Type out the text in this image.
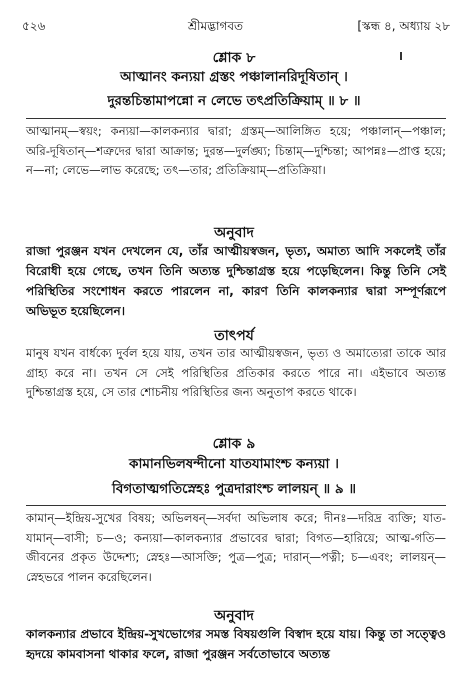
৫২৬	শ্রীমদ্ভাগবত	[স্কন্ধ ৪, অধ্যায় ২৮
শ্লোক ৮
আত্মানং কন্যয়া গ্রস্তং পঞ্চালানরিদূষিতান্ ।
দুরন্তচিন্তামাপন্নো ন লেভে তৎপ্রতিক্রিয়াম্ ॥ ৮ ॥
আত্মানম্—স্বয়ং; কন্যয়া—কালকন্যার দ্বারা; গ্রস্তম্—আলিঙ্গিত হয়ে; পঞ্চালান্—পঞ্চাল; অরি-দূষিতান্—শত্রুদের দ্বারা আক্রান্ত; দুরন্ত—দুর্লঙ্ঘ্য; চিন্তাম্—দুশ্চিন্তা; আপন্নঃ—প্রাপ্ত হয়ে; ন—না; লেভে—লাভ করেছে; তৎ—তার; প্রতিক্রিয়াম্—প্রতিক্রিয়া।
অনুবাদ
রাজা পুরঞ্জন যখন দেখলেন যে, তাঁর আত্মীয়স্বজন, ভৃত্য, অমাত্য আদি সকলেই তাঁর বিরোধী হয়ে গেছে, তখন তিনি অত্যন্ত দুশ্চিন্তাগ্রস্ত হয়ে পড়েছিলেন। কিন্তু তিনি সেই পরিস্থিতির সংশোধন করতে পারলেন না, কারণ তিনি কালকন্যার দ্বারা সম্পূর্ণরূপে অভিভূত হয়েছিলেন।
তাৎপর্য
মানুষ যখন বার্ধক্যে দুর্বল হয়ে যায়, তখন তার আত্মীয়স্বজন, ভৃত্য ও অমাত্যেরা তাকে আর গ্রাহ্য করে না। তখন সে সেই পরিস্থিতির প্রতিকার করতে পারে না। এইভাবে অত্যন্ত দুশ্চিন্তাগ্রস্ত হয়ে, সে তার শোচনীয় পরিস্থিতির জন্য অনুতাপ করতে থাকে।
শ্লোক ৯
কামানভিলষন্দীনো যাতযামাংশ্চ কন্যয়া ।
বিগতাত্মগতিস্নেহঃ পুত্রদারাংশ্চ লালয়ন্ ॥ ৯ ॥
কামান্—ইন্দ্রিয়-সুখের বিষয়; অভিলষন্—সর্বদা অভিলাষ করে; দীনঃ—দরিদ্র ব্যক্তি; যাত-যামান্—বাসী; চ—ও; কন্যয়া—কালকন্যার প্রভাবের দ্বারা; বিগত—হারিয়ে; আত্ম-গতি—জীবনের প্রকৃত উদ্দেশ্য; স্নেহঃ—আসক্তি; পুত্র—পুত্র; দারান্—পত্নী; চ—এবং; লালয়ন্—স্নেহভরে পালন করেছিলেন।
অনুবাদ
কালকন্যার প্রভাবে ইন্দ্রিয়-সুখভোগের সমস্ত বিষয়গুলি বিস্বাদ হয়ে যায়। কিন্তু তা সত্ত্বেও হৃদয়ে কামবাসনা থাকার ফলে, রাজা পুরঞ্জন সর্বতোভাবে অত্যন্ত
